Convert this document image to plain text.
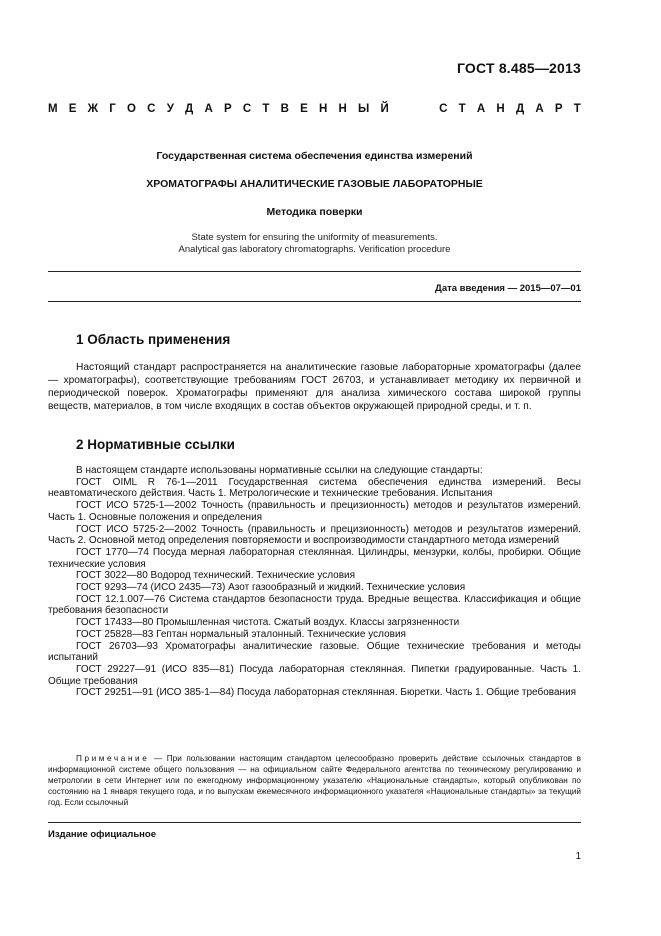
ГОСТ 8.485—2013
М Е Ж Г О С У Д А Р С Т В Е Н Н Ы Й	С Т А Н Д А Р Т
Государственная система обеспечения единства измерений
ХРОМАТОГРАФЫ АНАЛИТИЧЕСКИЕ ГАЗОВЫЕ ЛАБОРАТОРНЫЕ
Методика поверки
State system for ensuring the uniformity of measurements.
Analytical gas laboratory chromatographs. Verification procedure
Дата введения — 2015—07—01
1 Область применения

Настоящий стандарт распространяется на аналитические газовые лабораторные хроматографы (далее — хроматографы), соответствующие требованиям ГОСТ 26703, и устанавливает методику их первичной и периодической поверок. Хроматографы применяют для анализа химического состава широкой группы веществ, материалов, в том числе входящих в состав объектов окружающей природной среды, и т. п.

2 Нормативные ссылки

В настоящем стандарте использованы нормативные ссылки на следующие стандарты:

ГОСТ OIML R 76-1—2011 Государственная система обеспечения единства измерений. Весы неавтоматического действия. Часть 1. Метрологические и технические требования. Испытания

ГОСТ ИСО 5725-1—2002 Точность (правильность и прецизионность) методов и результатов измерений. Часть 1. Основные положения и определения

ГОСТ ИСО 5725-2—2002 Точность (правильность и прецизионность) методов и результатов измерений. Часть 2. Основной метод определения повторяемости и воспроизводимости стандартного метода измерений

ГОСТ 1770—74 Посуда мерная лабораторная стеклянная. Цилиндры, мензурки, колбы, пробирки. Общие технические условия

ГОСТ 3022—80 Водород технический. Технические условия

ГОСТ 9293—74 (ИСО 2435—73) Азот газообразный и жидкий. Технические условия

ГОСТ 12.1.007—76 Система стандартов безопасности труда. Вредные вещества. Классификация и общие требования безопасности

ГОСТ 17433—80 Промышленная чистота. Сжатый воздух. Классы загрязненности

ГОСТ 25828—83 Гептан нормальный эталонный. Технические условия

ГОСТ 26703—93 Хроматографы аналитические газовые. Общие технические требования и методы испытаний

ГОСТ 29227—91 (ИСО 835—81) Посуда лабораторная стеклянная. Пипетки градуированные. Часть 1. Общие требования

ГОСТ 29251—91 (ИСО 385-1—84) Посуда лабораторная стеклянная. Бюретки. Часть 1. Общие требования

Примечание — При пользовании настоящим стандартом целесообразно проверить действие ссылочных стандартов в информационной системе общего пользования — на официальном сайте Федерального агентства по техническому регулированию и метрологии в сети Интернет или по ежегодному информационному указателю «Национальные стандарты», который опубликован по состоянию на 1 января текущего года, и по выпускам ежемесячного информационного указателя «Национальные стандарты» за текущий год. Если ссылочный

Издание официальное
1
